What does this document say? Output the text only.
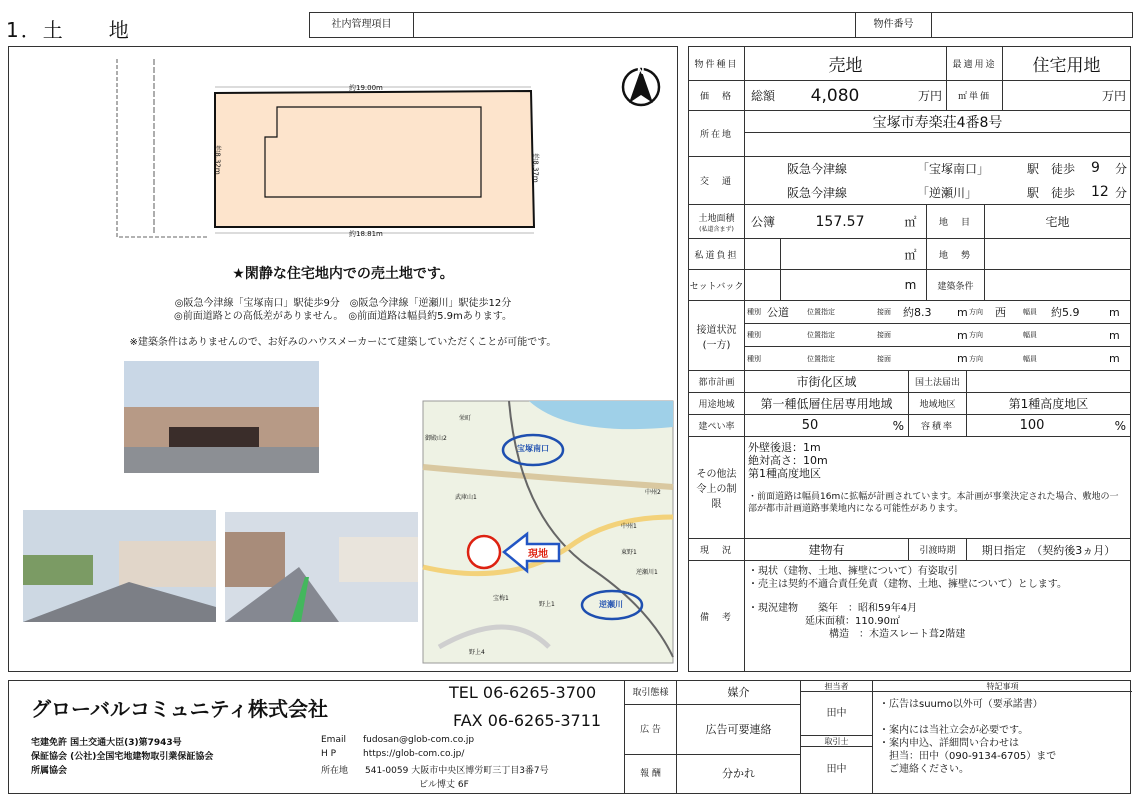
1．土　　地	社内管理項目	物件番号
約19.00m
約8.32m	約8.37m
約18.81m
N
★閑静な住宅地内での売土地です。
◎阪急今津線「宝塚南口」駅徒歩9分　◎阪急今津線「逆瀬川」駅徒歩12分
◎前面道路との高低差がありません。　◎前面道路は幅員約5.9mあります。
※建築条件はありませんので、お好みのハウスメーカーにて建築していただくことが可能です。
宝塚南口
逆瀬川
現地
逆瀬川1
中州1
中州2
宝梅1
野上1
野上4
武庫山1
御殿山2
栄町
東野1
物件種目	売地	最適用途	住宅用地
価　格	総額	4,080	万円	㎡単価	万円
所在地
宝塚市寿楽荘4番8号
交　通
阪急今津線	「宝塚南口」	駅 徒歩	9	分
阪急今津線	「逆瀬川」	駅 徒歩	12 分
土地面積
(私道含まず)	公簿	157.57	㎡	地　目	宅地
私道負担	㎡	地　勢
セットバック	m	建築条件
接道状況
(一方)
種別 公道	位置指定	接面 約8.3 m 方向 西 幅員 約5.9	m
種別	位置指定	接面	m 方向	幅員	m
種別	位置指定	接面	m 方向	幅員	m
都市計画	市街化区域	国土法届出
用途地域	第一種低層住居専用地域	地域地区	第1種高度地区
建ぺい率	50	%	容積率	100	%
その他法令上の制限
外壁後退：1m
絶対高さ：10m
第1種高度地区
・前面道路は幅員16mに拡幅が計画されています。本計画が事業決定された場合、敷地の一部が都市計画道路事業地内になる可能性があります。
現　況	建物有	引渡時期	期日指定　（契約後3ヵ月）
備　考
・現状（建物、土地、擁壁について）有姿取引
・売主は契約不適合責任免責（建物、土地、擁壁について）とします。
・現況建物　　築年　：昭和59年4月
延床面積：110.90㎡
構造　：木造スレート葺2階建
グローバルコミュニティ株式会社
TEL 06-6265-3700
FAX 06-6265-3711
宅建免許 国土交通大臣(3)第7943号
保証協会 (公社)全国宅地建物取引業保証協会
所属協会
Email fudosan@glob-com.co.jp
H P	https://glob-com.co.jp/
所在地 541-0059 大阪市中央区博労町三丁目3番7号
ビル博丈 6F
取引態様	媒介
広 告	広告可要連絡
報 酬	分かれ
担当者
田中
取引士
田中
特記事項
・広告はsuumo以外可（要承諾書）
・案内には当社立会が必要です。
・案内申込、詳細問い合わせは
担当：田中（090-9134-6705）まで
ご連絡ください。
